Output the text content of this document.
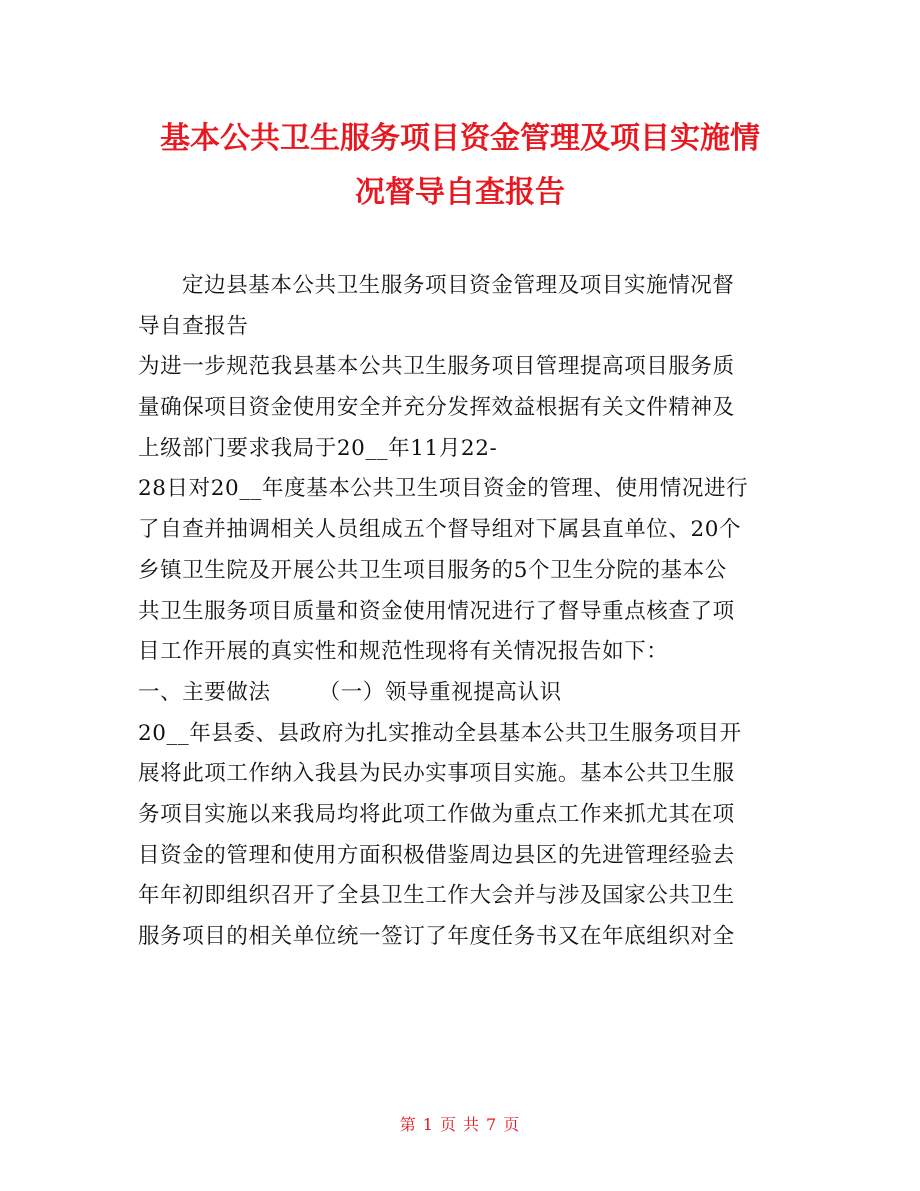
基本公共卫生服务项目资金管理及项目实施情
况督导自查报告
定边县基本公共卫生服务项目资金管理及项目实施情况督
导自查报告
为进一步规范我县基本公共卫生服务项目管理提高项目服务质
量确保项目资金使用安全并充分发挥效益根据有关文件精神及
上级部门要求我局于20__年11月22-
28日对20__年度基本公共卫生项目资金的管理、使用情况进行
了自查并抽调相关人员组成五个督导组对下属县直单位、20个
乡镇卫生院及开展公共卫生项目服务的5个卫生分院的基本公
共卫生服务项目质量和资金使用情况进行了督导重点核查了项
目工作开展的真实性和规范性现将有关情况报告如下：
一、主要做法 （一）领导重视提高认识
20__年县委、县政府为扎实推动全县基本公共卫生服务项目开
展将此项工作纳入我县为民办实事项目实施。基本公共卫生服
务项目实施以来我局均将此项工作做为重点工作来抓尤其在项
目资金的管理和使用方面积极借鉴周边县区的先进管理经验去
年年初即组织召开了全县卫生工作大会并与涉及国家公共卫生
服务项目的相关单位统一签订了年度任务书又在年底组织对全
第 1 页 共 7 页
